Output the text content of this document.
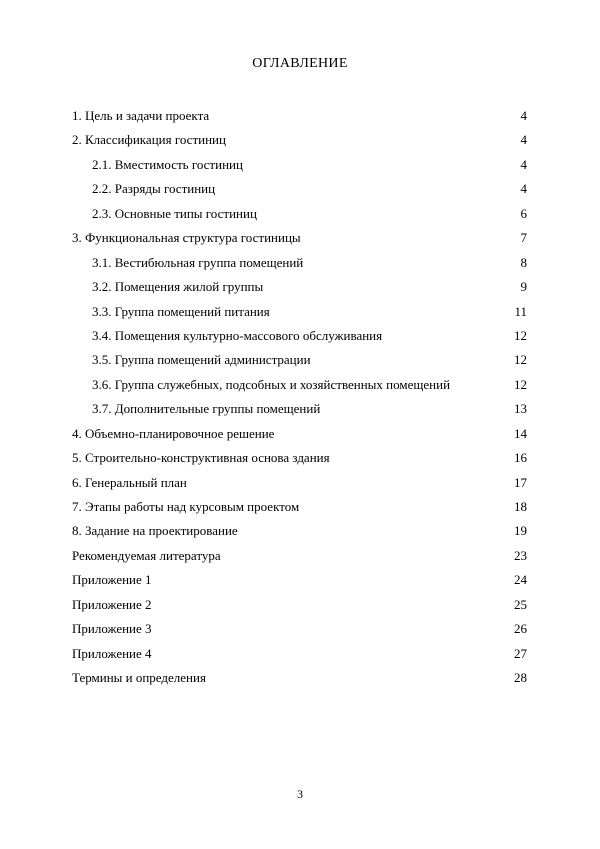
ОГЛАВЛЕНИЕ
1. Цель и задачи проекта	4
2. Классификация гостиниц	4
2.1. Вместимость гостиниц	4
2.2. Разряды гостиниц	4
2.3. Основные типы гостиниц	6
3. Функциональная структура гостиницы	7
3.1. Вестибюльная группа помещений	8
3.2. Помещения жилой группы	9
3.3. Группа помещений питания	11
3.4. Помещения культурно-массового обслуживания	12
3.5. Группа помещений администрации	12
3.6. Группа служебных, подсобных и хозяйственных помещений	12
3.7. Дополнительные группы помещений	13
4. Объемно-планировочное решение	14
5. Строительно-конструктивная основа здания	16
6. Генеральный план	17
7. Этапы работы над курсовым проектом	18
8. Задание на проектирование	19
Рекомендуемая литература	23
Приложение 1	24
Приложение 2	25
Приложение 3	26
Приложение 4	27
Термины и определения	28
3
